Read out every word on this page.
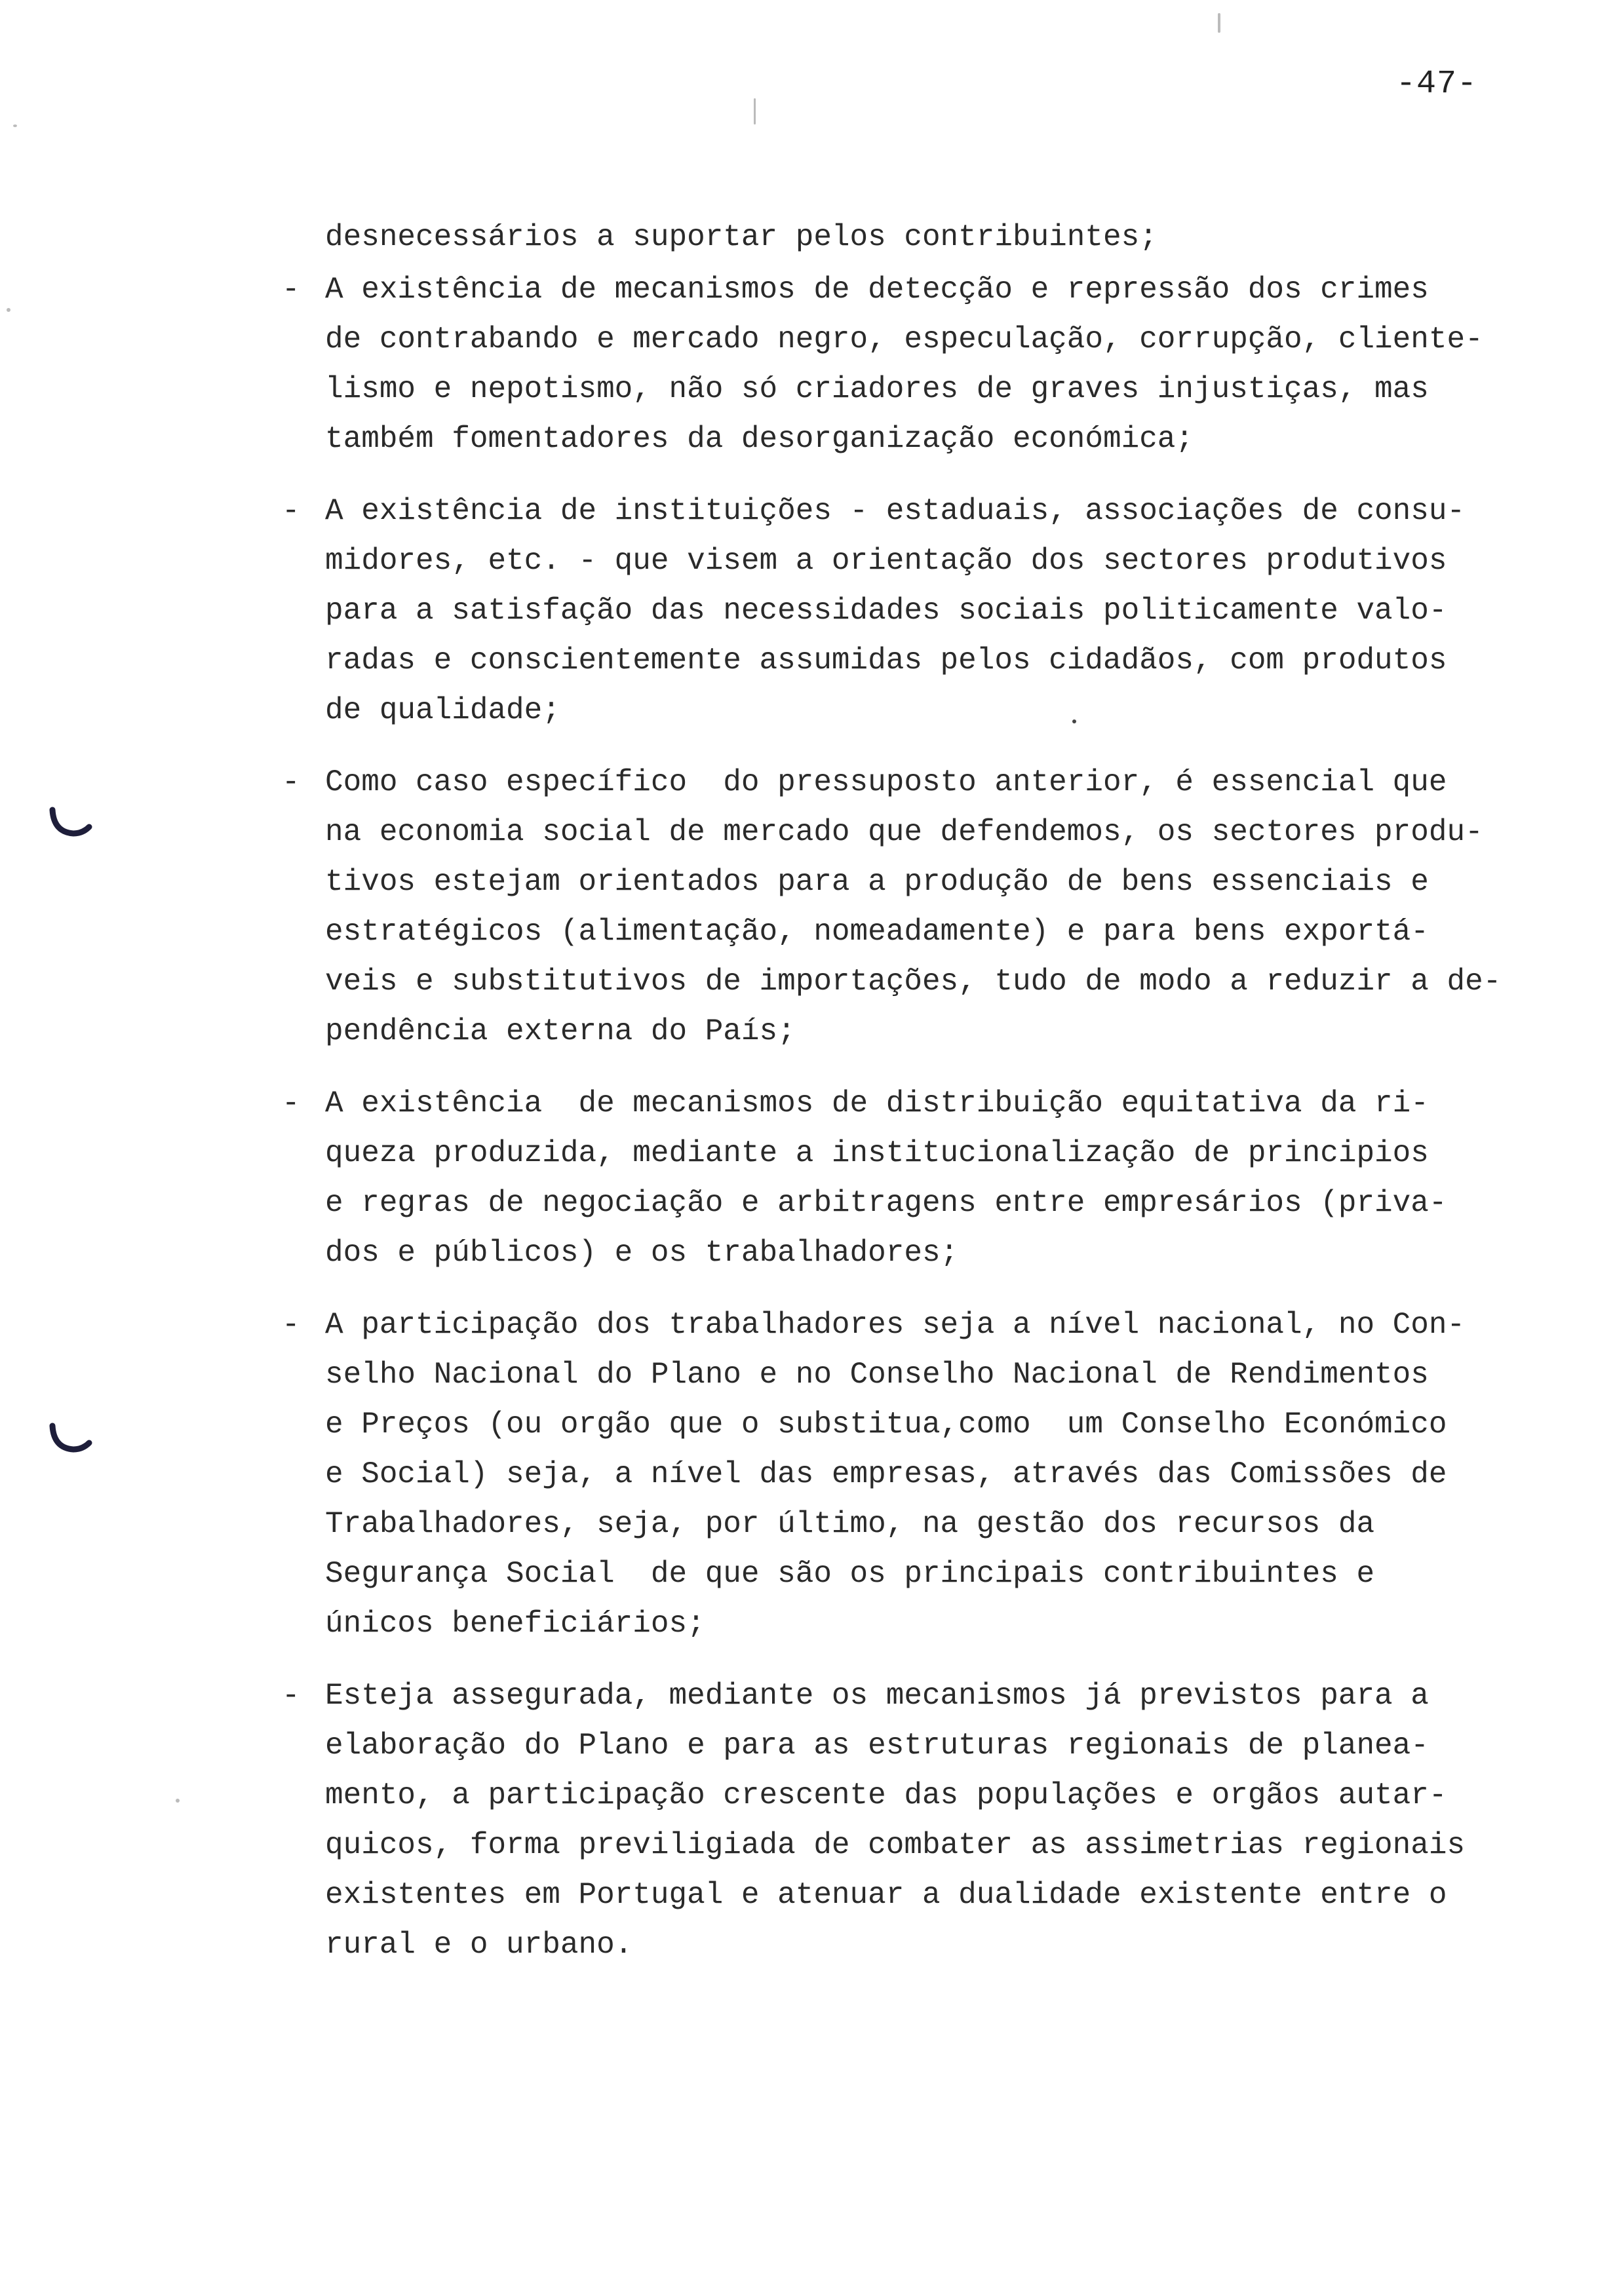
-47-
desnecessários a suportar pelos contribuintes;
- A existência de mecanismos de detecção e repressão dos crimes
de contrabando e mercado negro, especulação, corrupção, cliente-
lismo e nepotismo, não só criadores de graves injustiças, mas
também fomentadores da desorganização económica;
- A existência de instituições - estaduais, associações de consu-
midores, etc. - que visem a orientação dos sectores produtivos
para a satisfação das necessidades sociais politicamente valo-
radas e conscientemente assumidas pelos cidadãos, com produtos
de qualidade;
- Como caso específico  do pressuposto anterior, é essencial que
na economia social de mercado que defendemos, os sectores produ-
tivos estejam orientados para a produção de bens essenciais e
estratégicos (alimentação, nomeadamente) e para bens exportá-
veis e substitutivos de importações, tudo de modo a reduzir a de-
pendência externa do País;
- A existência  de mecanismos de distribuição equitativa da ri-
queza produzida, mediante a institucionalização de principios
e regras de negociação e arbitragens entre empresários (priva-
dos e públicos) e os trabalhadores;
- A participação dos trabalhadores seja a nível nacional, no Con-
selho Nacional do Plano e no Conselho Nacional de Rendimentos
e Preços (ou orgão que o substitua,como  um Conselho Económico
e Social) seja, a nível das empresas, através das Comissões de
Trabalhadores, seja, por último, na gestão dos recursos da
Segurança Social  de que são os principais contribuintes e
únicos beneficiários;
- Esteja assegurada, mediante os mecanismos já previstos para a
elaboração do Plano e para as estruturas regionais de planea-
mento, a participação crescente das populações e orgãos autar-
quicos, forma previligiada de combater as assimetrias regionais
existentes em Portugal e atenuar a dualidade existente entre o
rural e o urbano.
